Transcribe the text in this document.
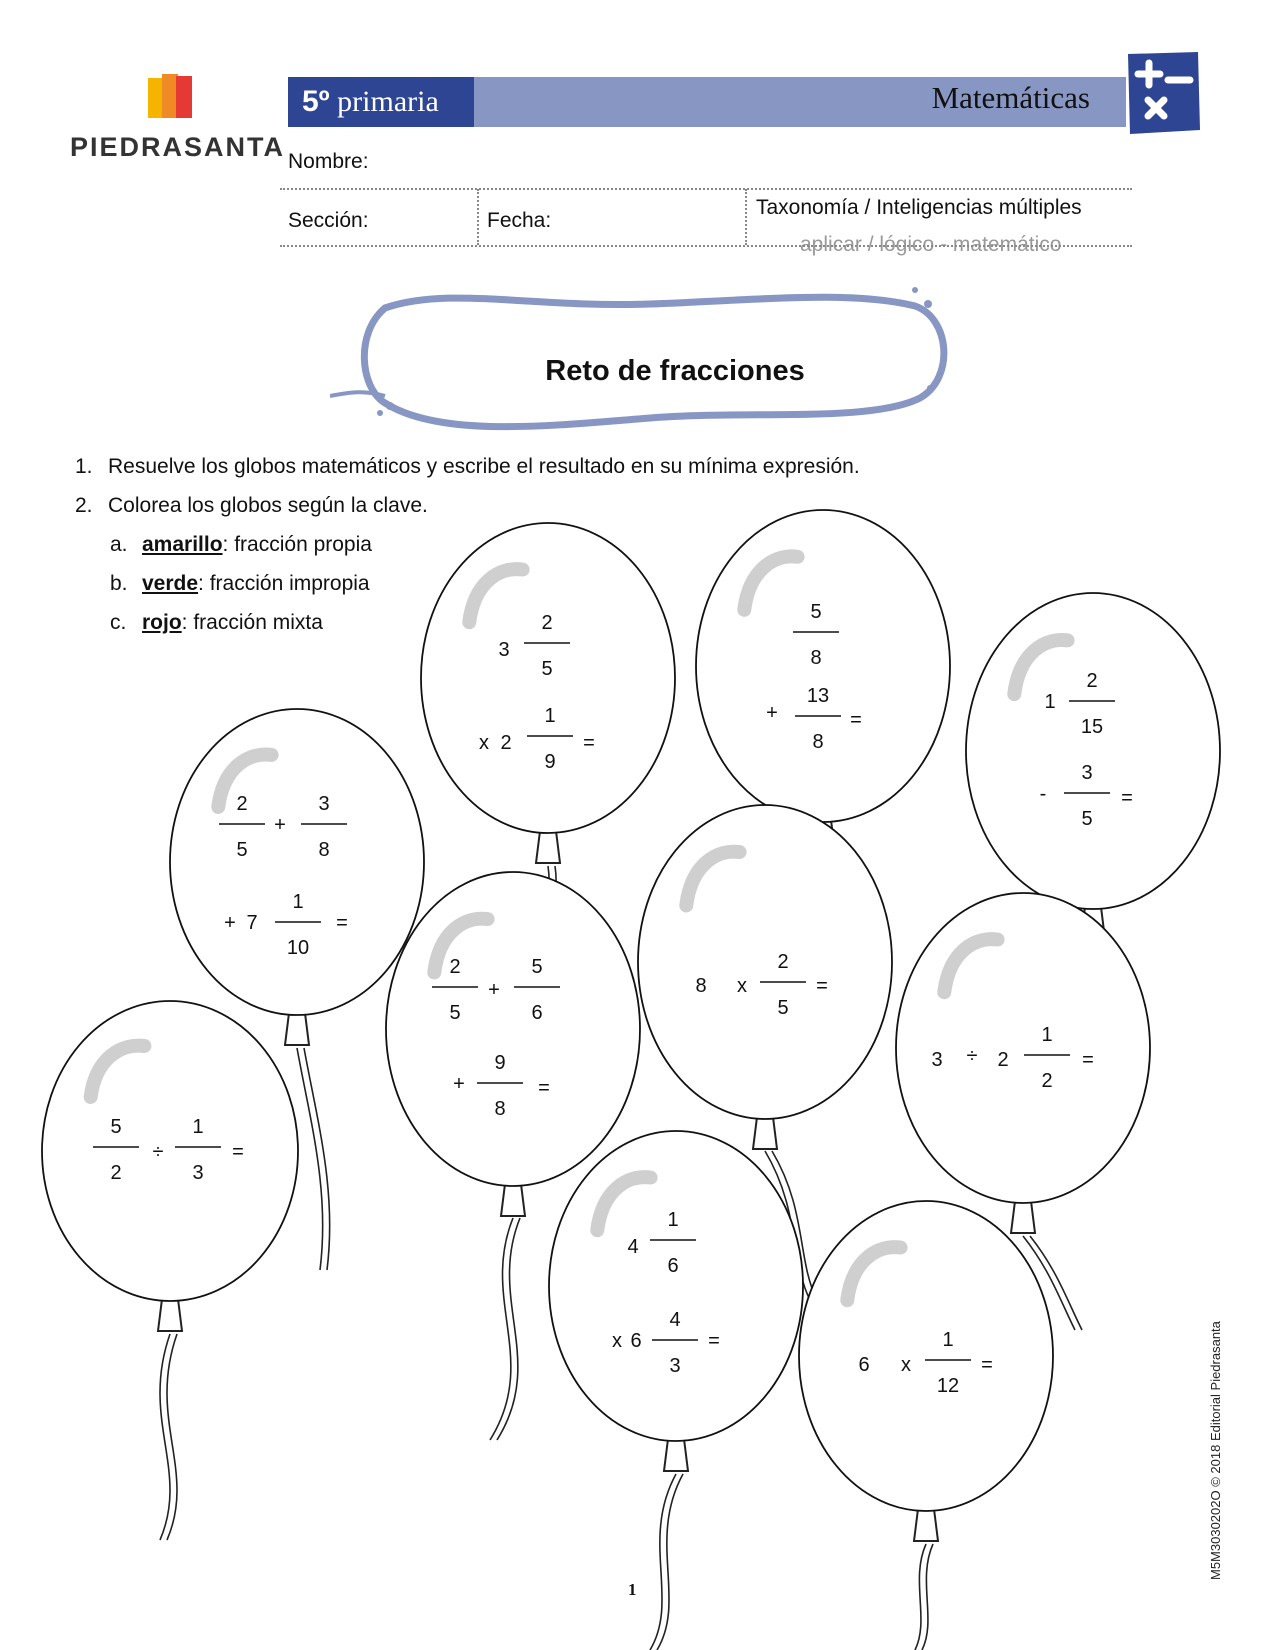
PIEDRASANTA
5º primaria	Matemáticas
Nombre:
Sección:	Fecha:
Taxonomía / Inteligencias múltiples
aplicar / lógico - matemático
Reto de fracciones
1. Resuelve los globos matemáticos y escribe el resultado en su mínima expresión.
2. Colorea los globos según la clave.
a. amarillo: fracción propia
b. verde: fracción impropia
c. rojo: fracción mixta
2
5
+
3
8
+ 7
1
10
=
3
2
5
x 2
1
9
=
5
8
+
13
8
=
1
2
15
-
3
5
=
5
2
÷
1
3
=
2
5
+
5
6
+
9
8
=
8 x
2
5
=
3 ÷ 2
1
2
=
4
1
6
x 6
4
3
=
6 x
1
12
=
1
M5M3030202O © 2018 Editorial Piedrasanta
